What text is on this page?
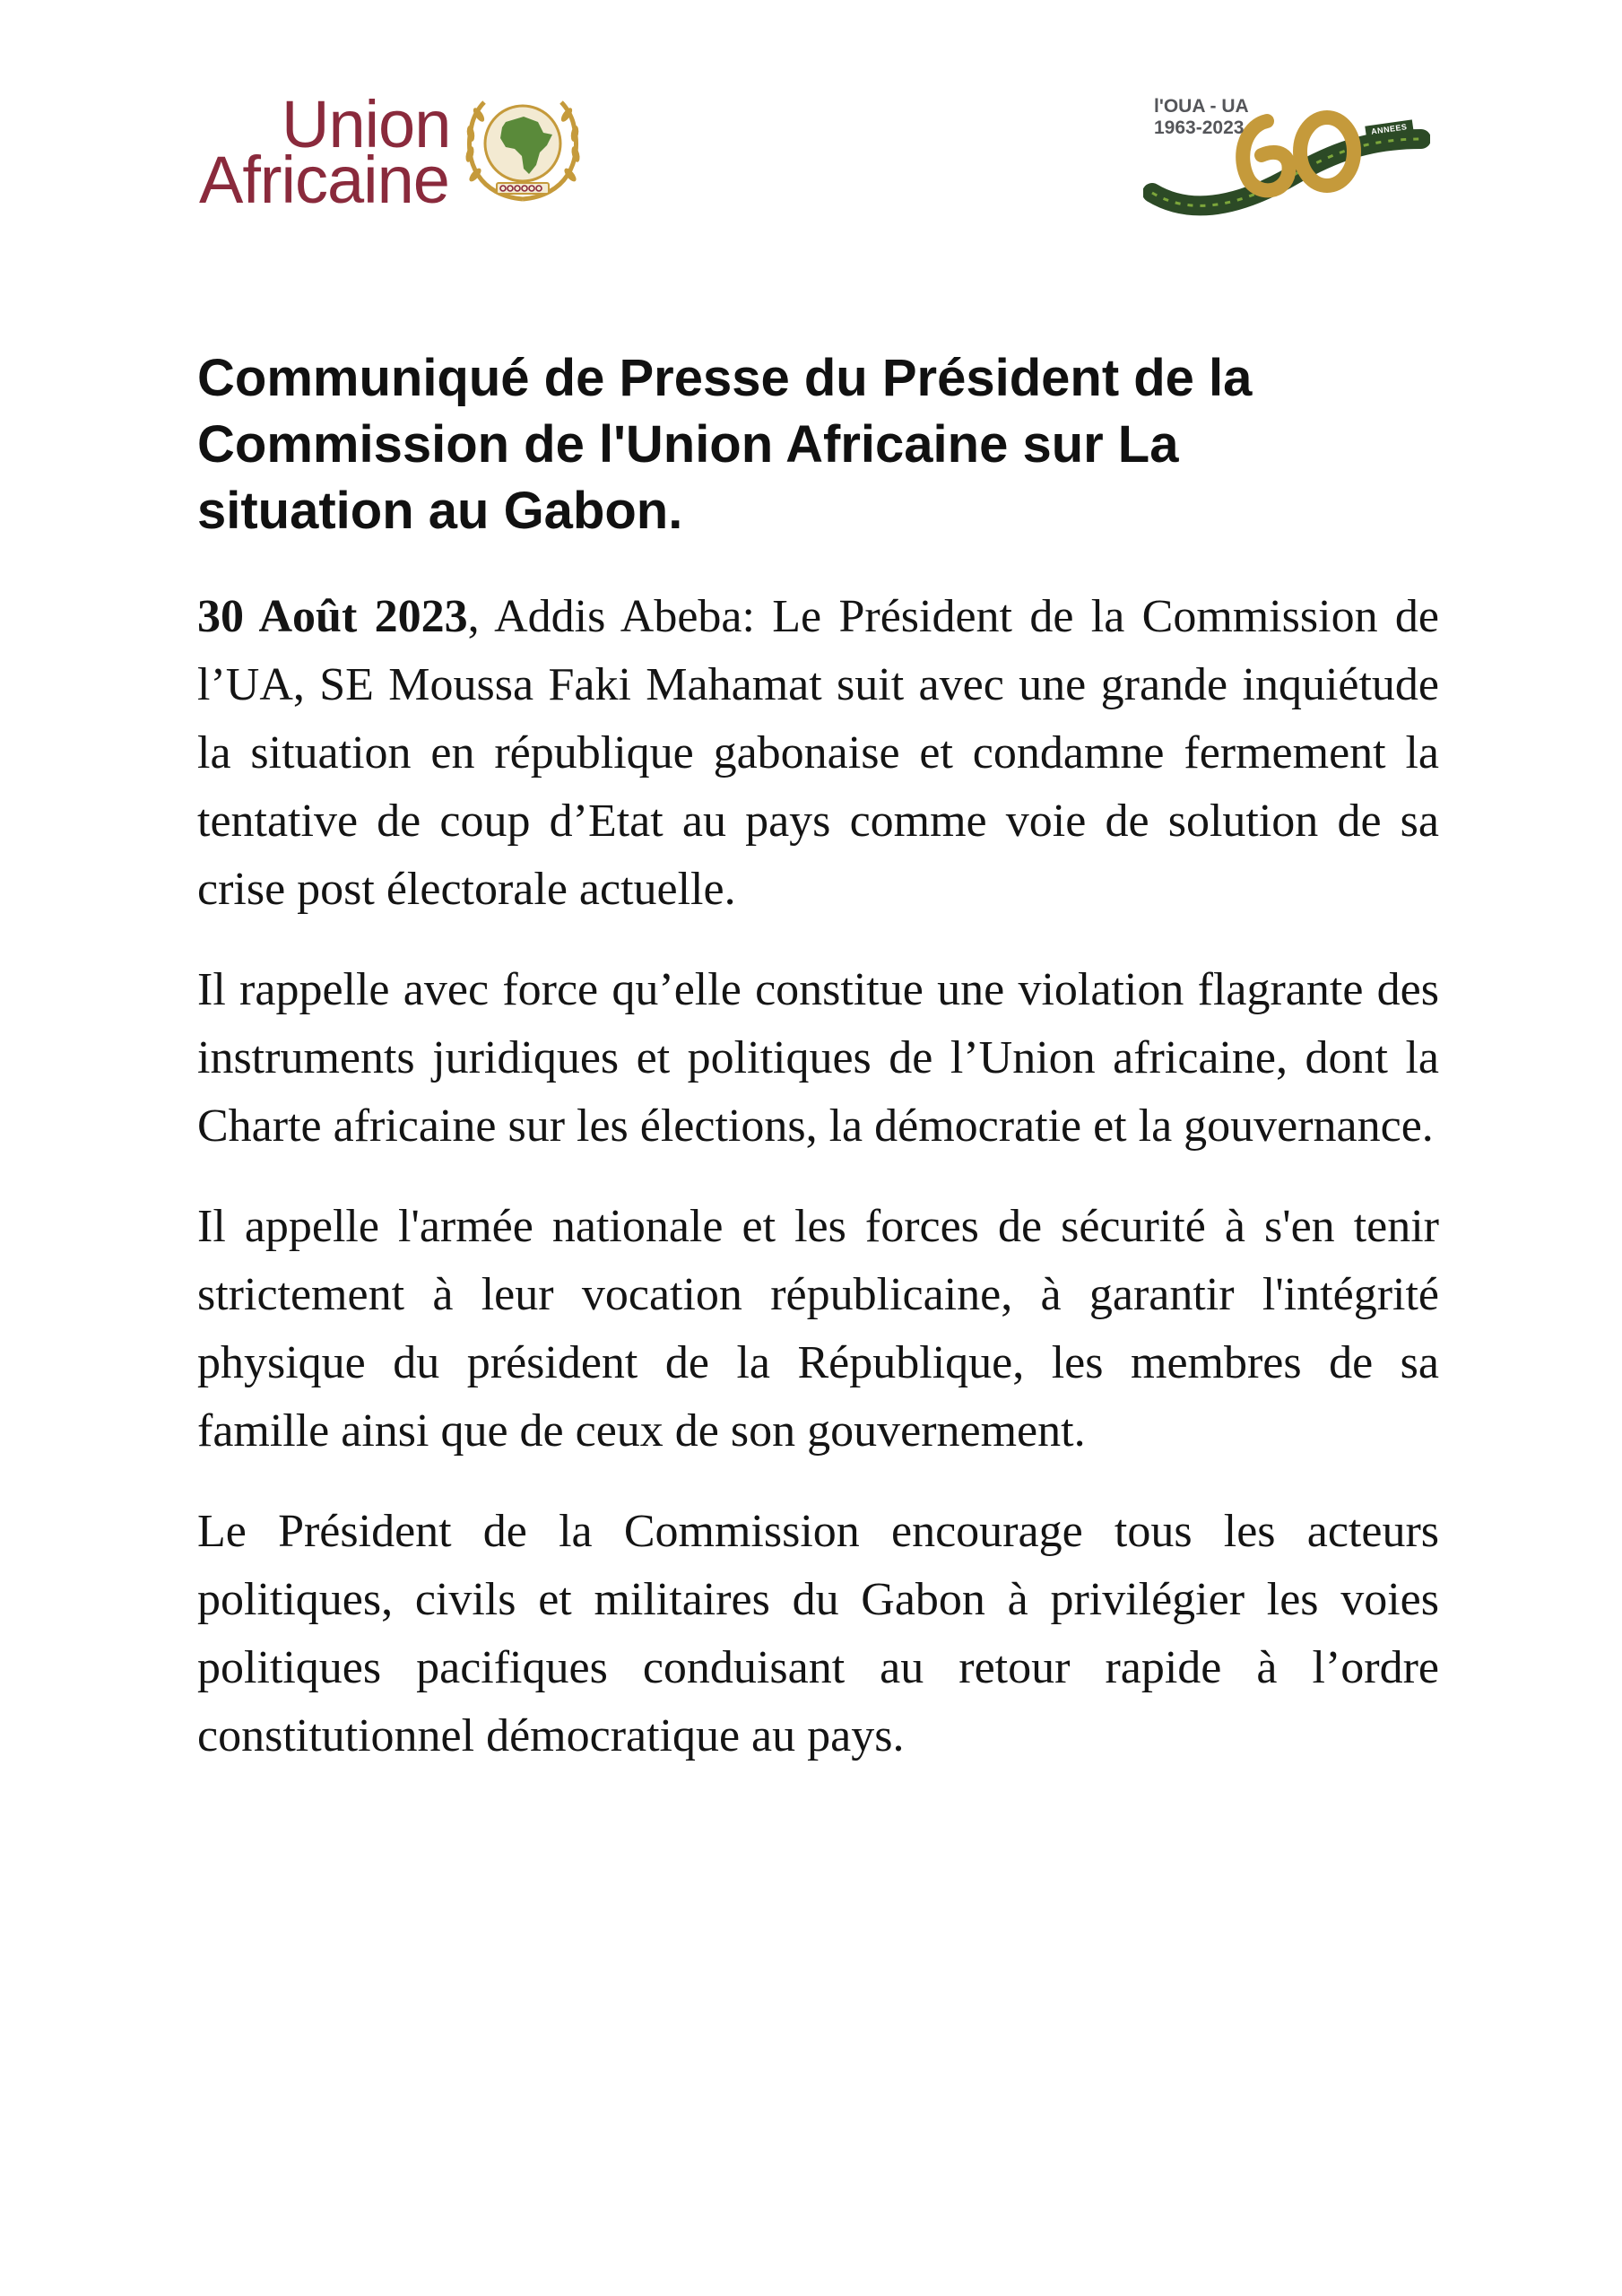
Union
Africaine
l'OUA - UA
1963-2023	ANNEES
Communiqué de Presse du Président de la
Commission de l'Union Africaine sur La
situation au Gabon.

30 Août 2023, Addis Abeba: Le Président de la Commission de l’UA, SE Moussa Faki Mahamat suit avec une grande inquiétude la situation en république gabonaise et condamne fermement la tentative de coup d’Etat au pays comme voie de solution de sa crise post électorale actuelle.

Il rappelle avec force qu’elle constitue une violation flagrante des instruments juridiques et politiques de l’Union africaine, dont la Charte africaine sur les élections, la démocratie et la gouvernance.

Il appelle l'armée nationale et les forces de sécurité à s'en tenir strictement à leur vocation républicaine, à garantir l'intégrité physique du président de la République, les membres de sa famille ainsi que de ceux de son gouvernement.

Le Président de la Commission encourage tous les acteurs politiques, civils et militaires du Gabon à privilégier les voies politiques pacifiques conduisant au retour rapide à l’ordre constitutionnel démocratique au pays.
